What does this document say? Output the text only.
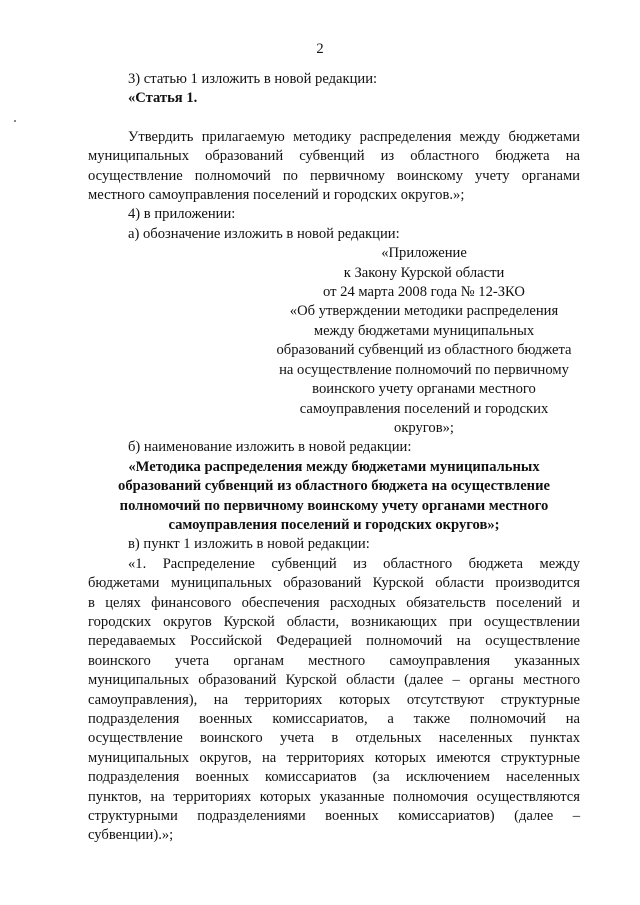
2
3) статью 1 изложить в новой редакции:
«Статья 1.
Утвердить прилагаемую методику распределения между бюджетами
муниципальных образований субвенций из областного бюджета на
осуществление полномочий по первичному воинскому учету органами
местного самоуправления поселений и городских округов.»;
4) в приложении:
а) обозначение изложить в новой редакции:
«Приложение
к Закону Курской области
от 24 марта 2008 года № 12-ЗКО
«Об утверждении методики распределения
между бюджетами муниципальных
образований субвенций из областного бюджета
на осуществление полномочий по первичному
воинского учету органами местного
самоуправления поселений и городских
округов»;
б) наименование изложить в новой редакции:
«Методика распределения между бюджетами муниципальных
образований субвенций из областного бюджета на осуществление
полномочий по первичному воинскому учету органами местного
самоуправления поселений и городских округов»;
в) пункт 1 изложить в новой редакции:
«1. Распределение субвенций из областного бюджета между
бюджетами муниципальных образований Курской области производится
в целях финансового обеспечения расходных обязательств поселений и
городских округов Курской области, возникающих при осуществлении
передаваемых Российской Федерацией полномочий на осуществление
воинского учета органам местного самоуправления указанных
муниципальных образований Курской области (далее – органы местного
самоуправления), на территориях которых отсутствуют структурные
подразделения военных комиссариатов, а также полномочий на
осуществление воинского учета в отдельных населенных пунктах
муниципальных округов, на территориях которых имеются структурные
подразделения военных комиссариатов (за исключением населенных
пунктов, на территориях которых указанные полномочия осуществляются
структурными подразделениями военных комиссариатов) (далее –
субвенции).»;
